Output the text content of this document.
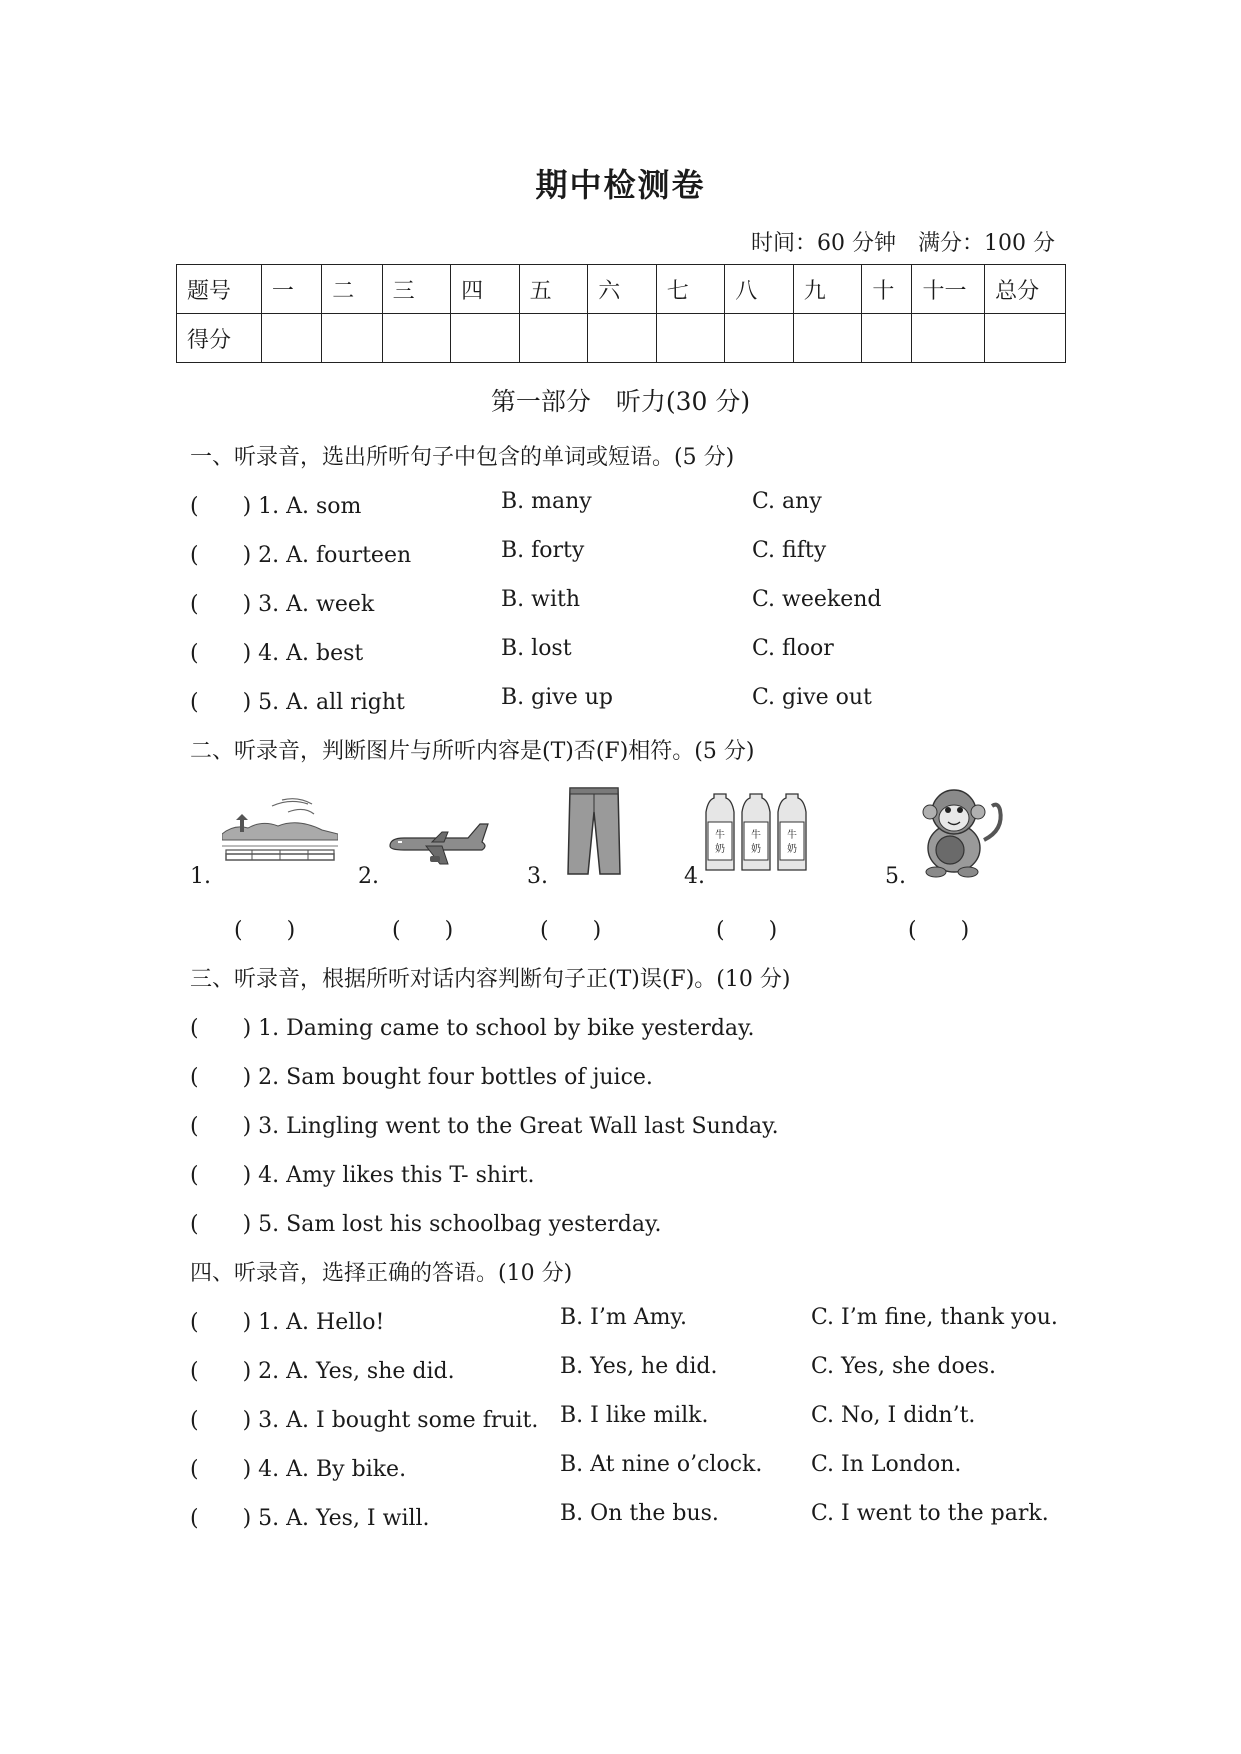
期中检测卷
时间：60 分钟　满分：100 分
题号	一	二	三	四	五	六	七	八	九	十	十一	总分
得分												
第一部分　听力(30 分)
一、听录音，选出所听句子中包含的单词或短语。(5 分)
(　　) 1. A. som	B. many	C. any
(　　) 2. A. fourteen	B. forty	C. fifty
(　　) 3. A. week	B. with	C. weekend
(　　) 4. A. best	B. lost	C. floor
(　　) 5. A. all right	B. give up	C. give out
二、听录音，判断图片与所听内容是(T)否(F)相符。(5 分)
1.	2.	3.	4.	5.
牛
奶
牛
奶
牛
奶
(　　)	(　　)	(　　)	(　　)	(　　)
三、听录音，根据所听对话内容判断句子正(T)误(F)。(10 分)
(　　) 1. Daming came to school by bike yesterday.
(　　) 2. Sam bought four bottles of juice.
(　　) 3. Lingling went to the Great Wall last Sunday.
(　　) 4. Amy likes this T- shirt.
(　　) 5. Sam lost his schoolbag yesterday.
四、听录音，选择正确的答语。(10 分)
(　　) 1. A. Hello!	B. I’m Amy.	C. I’m fine, thank you.
(　　) 2. A. Yes, she did.	B. Yes, he did.	C. Yes, she does.
(　　) 3. A. I bought some fruit. B. I like milk.	C. No, I didn’t.
(　　) 4. A. By bike.	B. At nine o’clock. C. In London.
(　　) 5. A. Yes, I will.	B. On the bus.	C. I went to the park.
